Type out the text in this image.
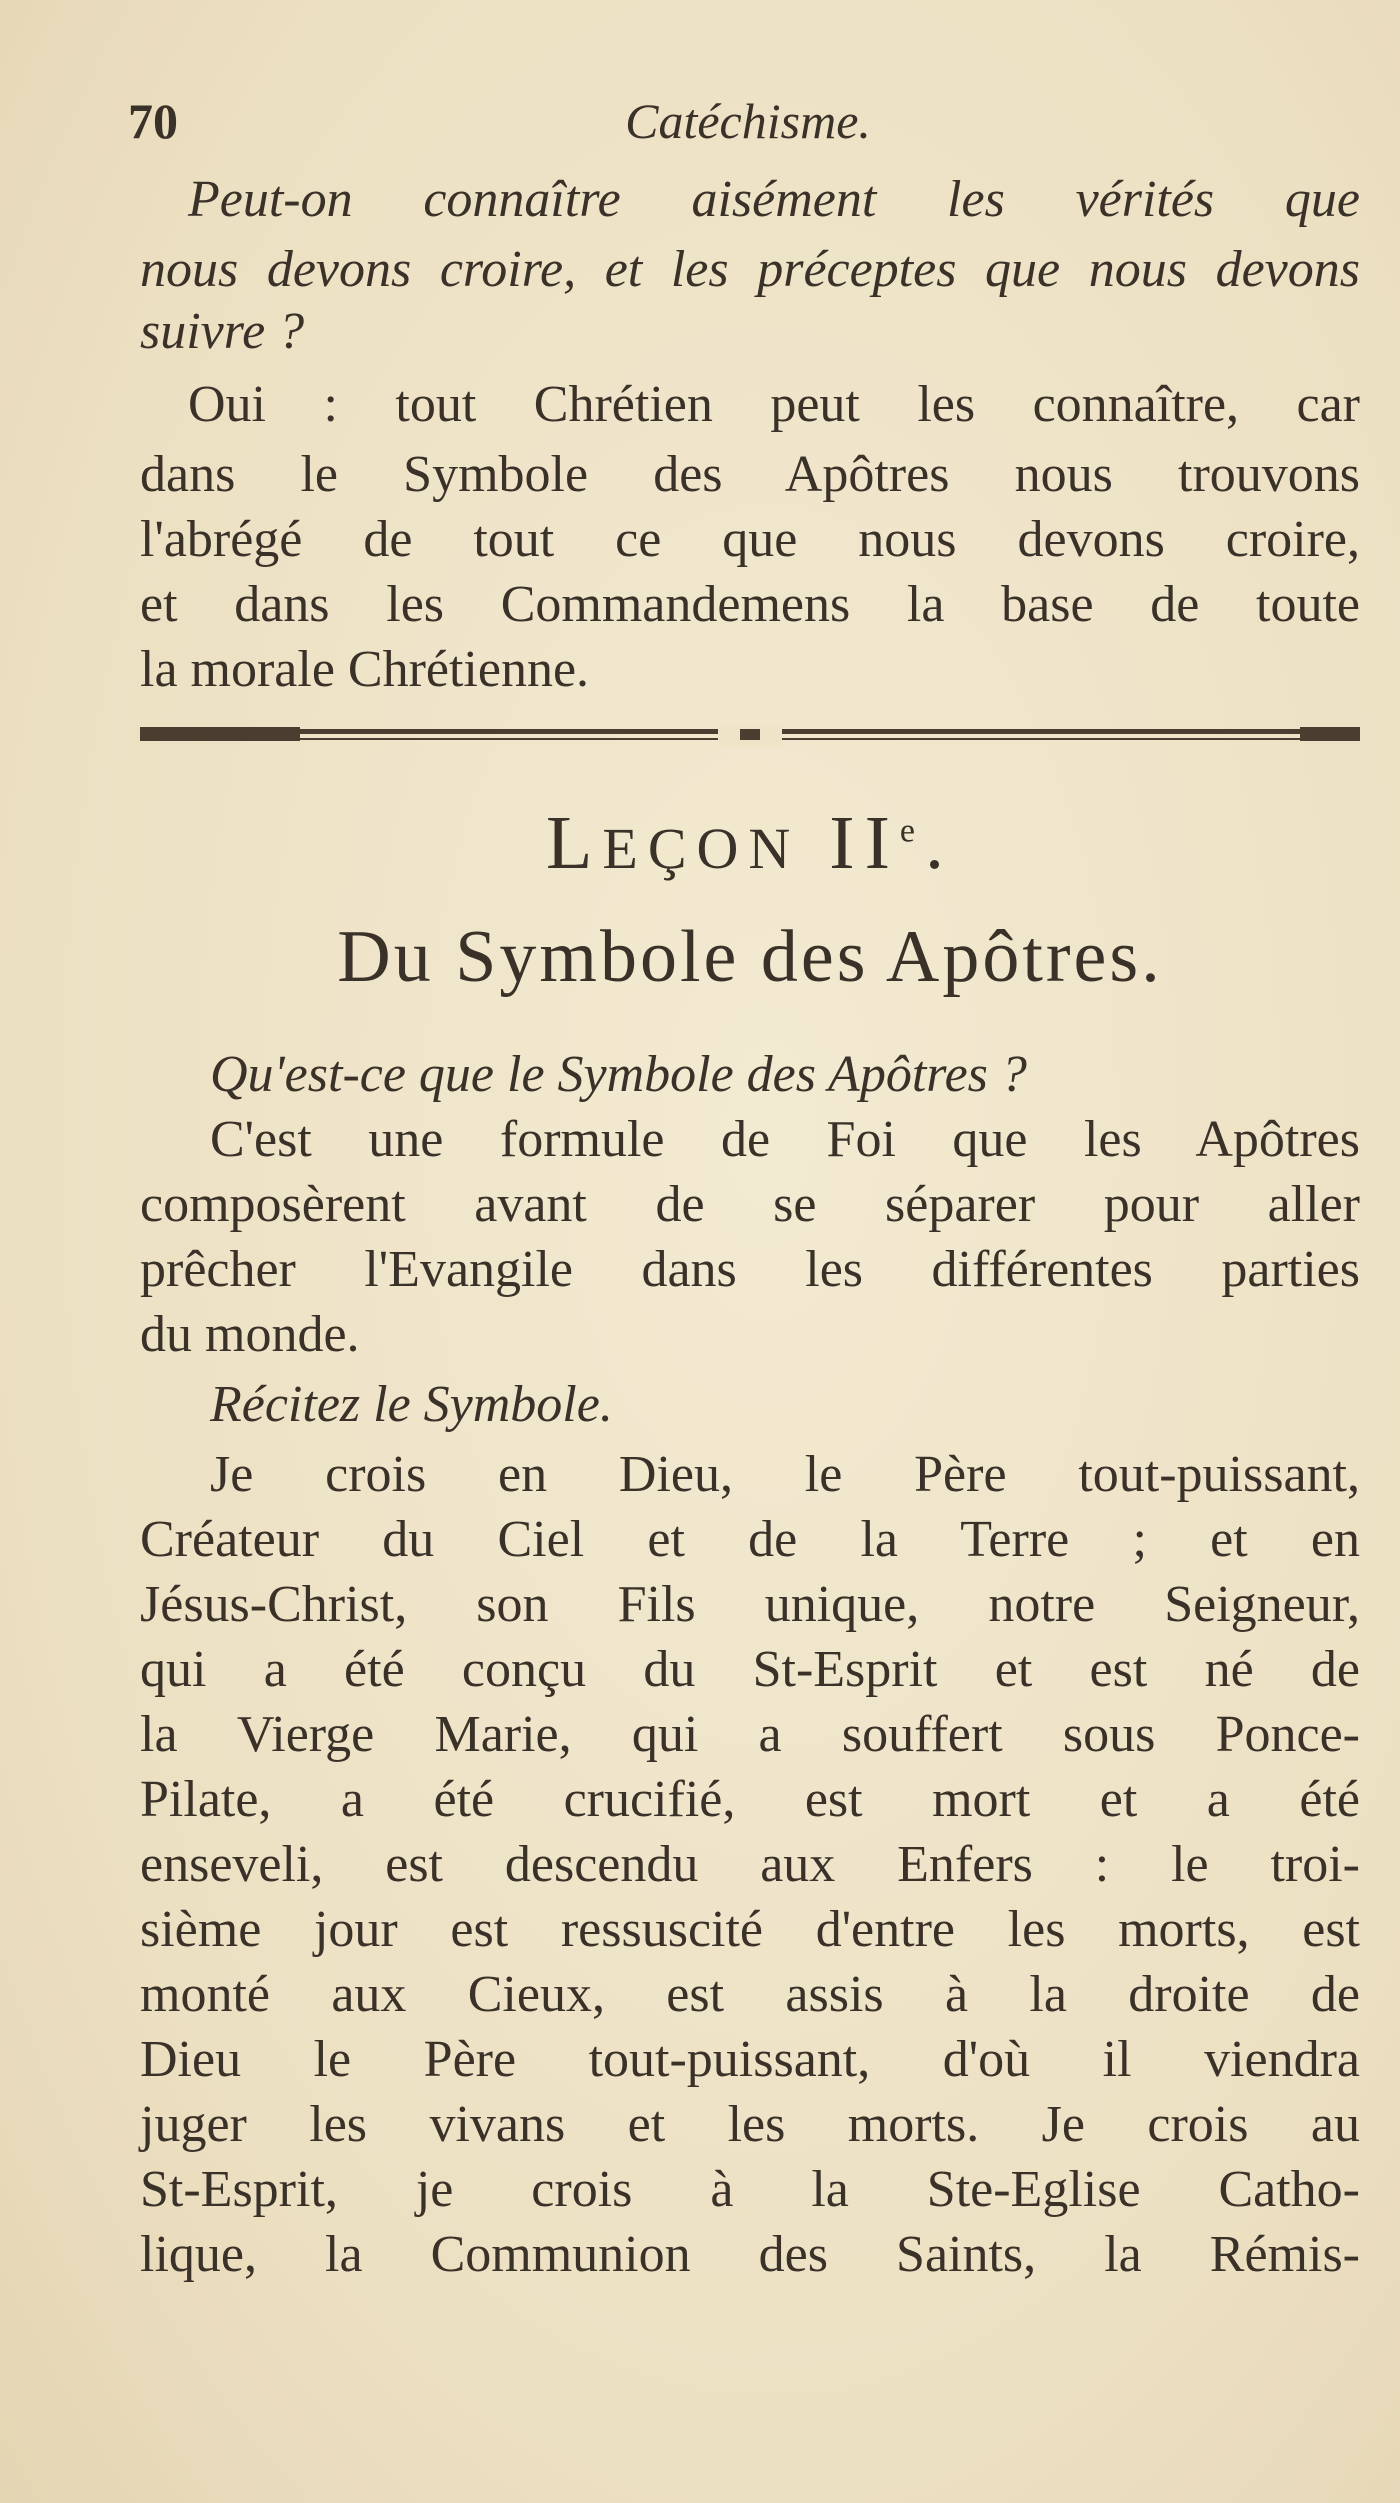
70	Catéchisme.
Peut-on connaître aisément les vérités que
nous devons croire, et les préceptes que nous devons
suivre ?
Oui : tout Chrétien peut les connaître, car
dans le Symbole des Apôtres nous trouvons
l'abrégé de tout ce que nous devons croire,
et dans les Commandemens la base de toute
la morale Chrétienne.
LEÇON IIe.
Du Symbole des Apôtres.
Qu'est-ce que le Symbole des Apôtres ?
C'est une formule de Foi que les Apôtres
composèrent avant de se séparer pour aller
prêcher l'Evangile dans les différentes parties
du monde.
Récitez le Symbole.
Je crois en Dieu, le Père tout-puissant,
Créateur du Ciel et de la Terre ; et en
Jésus-Christ, son Fils unique, notre Seigneur,
qui a été conçu du St-Esprit et est né de
la Vierge Marie, qui a souffert sous Ponce-
Pilate, a été crucifié, est mort et a été
enseveli, est descendu aux Enfers : le troi-
sième jour est ressuscité d'entre les morts, est
monté aux Cieux, est assis à la droite de
Dieu le Père tout-puissant, d'où il viendra
juger les vivans et les morts. Je crois au
St-Esprit, je crois à la Ste-Eglise Catho-
lique, la Communion des Saints, la Rémis-
